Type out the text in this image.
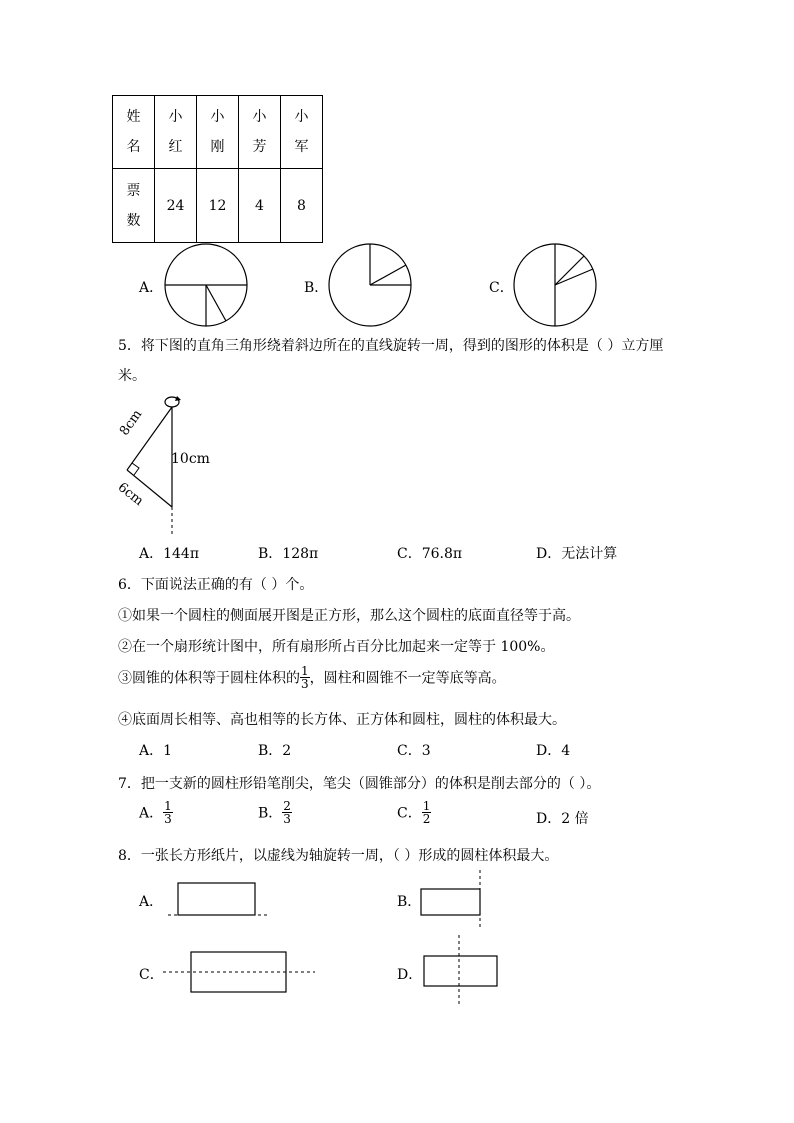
姓名	小红	小刚	小芳	小军

票数	24	12	4	8
A．	B．	C．
5．将下图的直角三角形绕着斜边所在的直线旋转一周，得到的图形的体积是（ ）立方厘
米。
10cm
8cm
6cm
A．144π	B．128π	C．76.8π	D．无法计算
6．下面说法正确的有（ ）个。
①如果一个圆柱的侧面展开图是正方形，那么这个圆柱的底面直径等于高。
②在一个扇形统计图中，所有扇形所占百分比加起来一定等于 100%。
③圆锥的体积等于圆柱体积的 $\frac{1}{3}$ ，圆柱和圆锥不一定等底等高。
④底面周长相等、高也相等的长方体、正方体和圆柱，圆柱的体积最大。
A．1	B．2	C．3	D．4
7．把一支新的圆柱形铅笔削尖，笔尖（圆锥部分）的体积是削去部分的（ ）。
A． $\frac{1}{3}$	B． $\frac{2}{3}$	C． $\frac{1}{2}$	D．2 倍
8．一张长方形纸片，以虚线为轴旋转一周，（ ）形成的圆柱体积最大。
A．	B．
C．	D．
